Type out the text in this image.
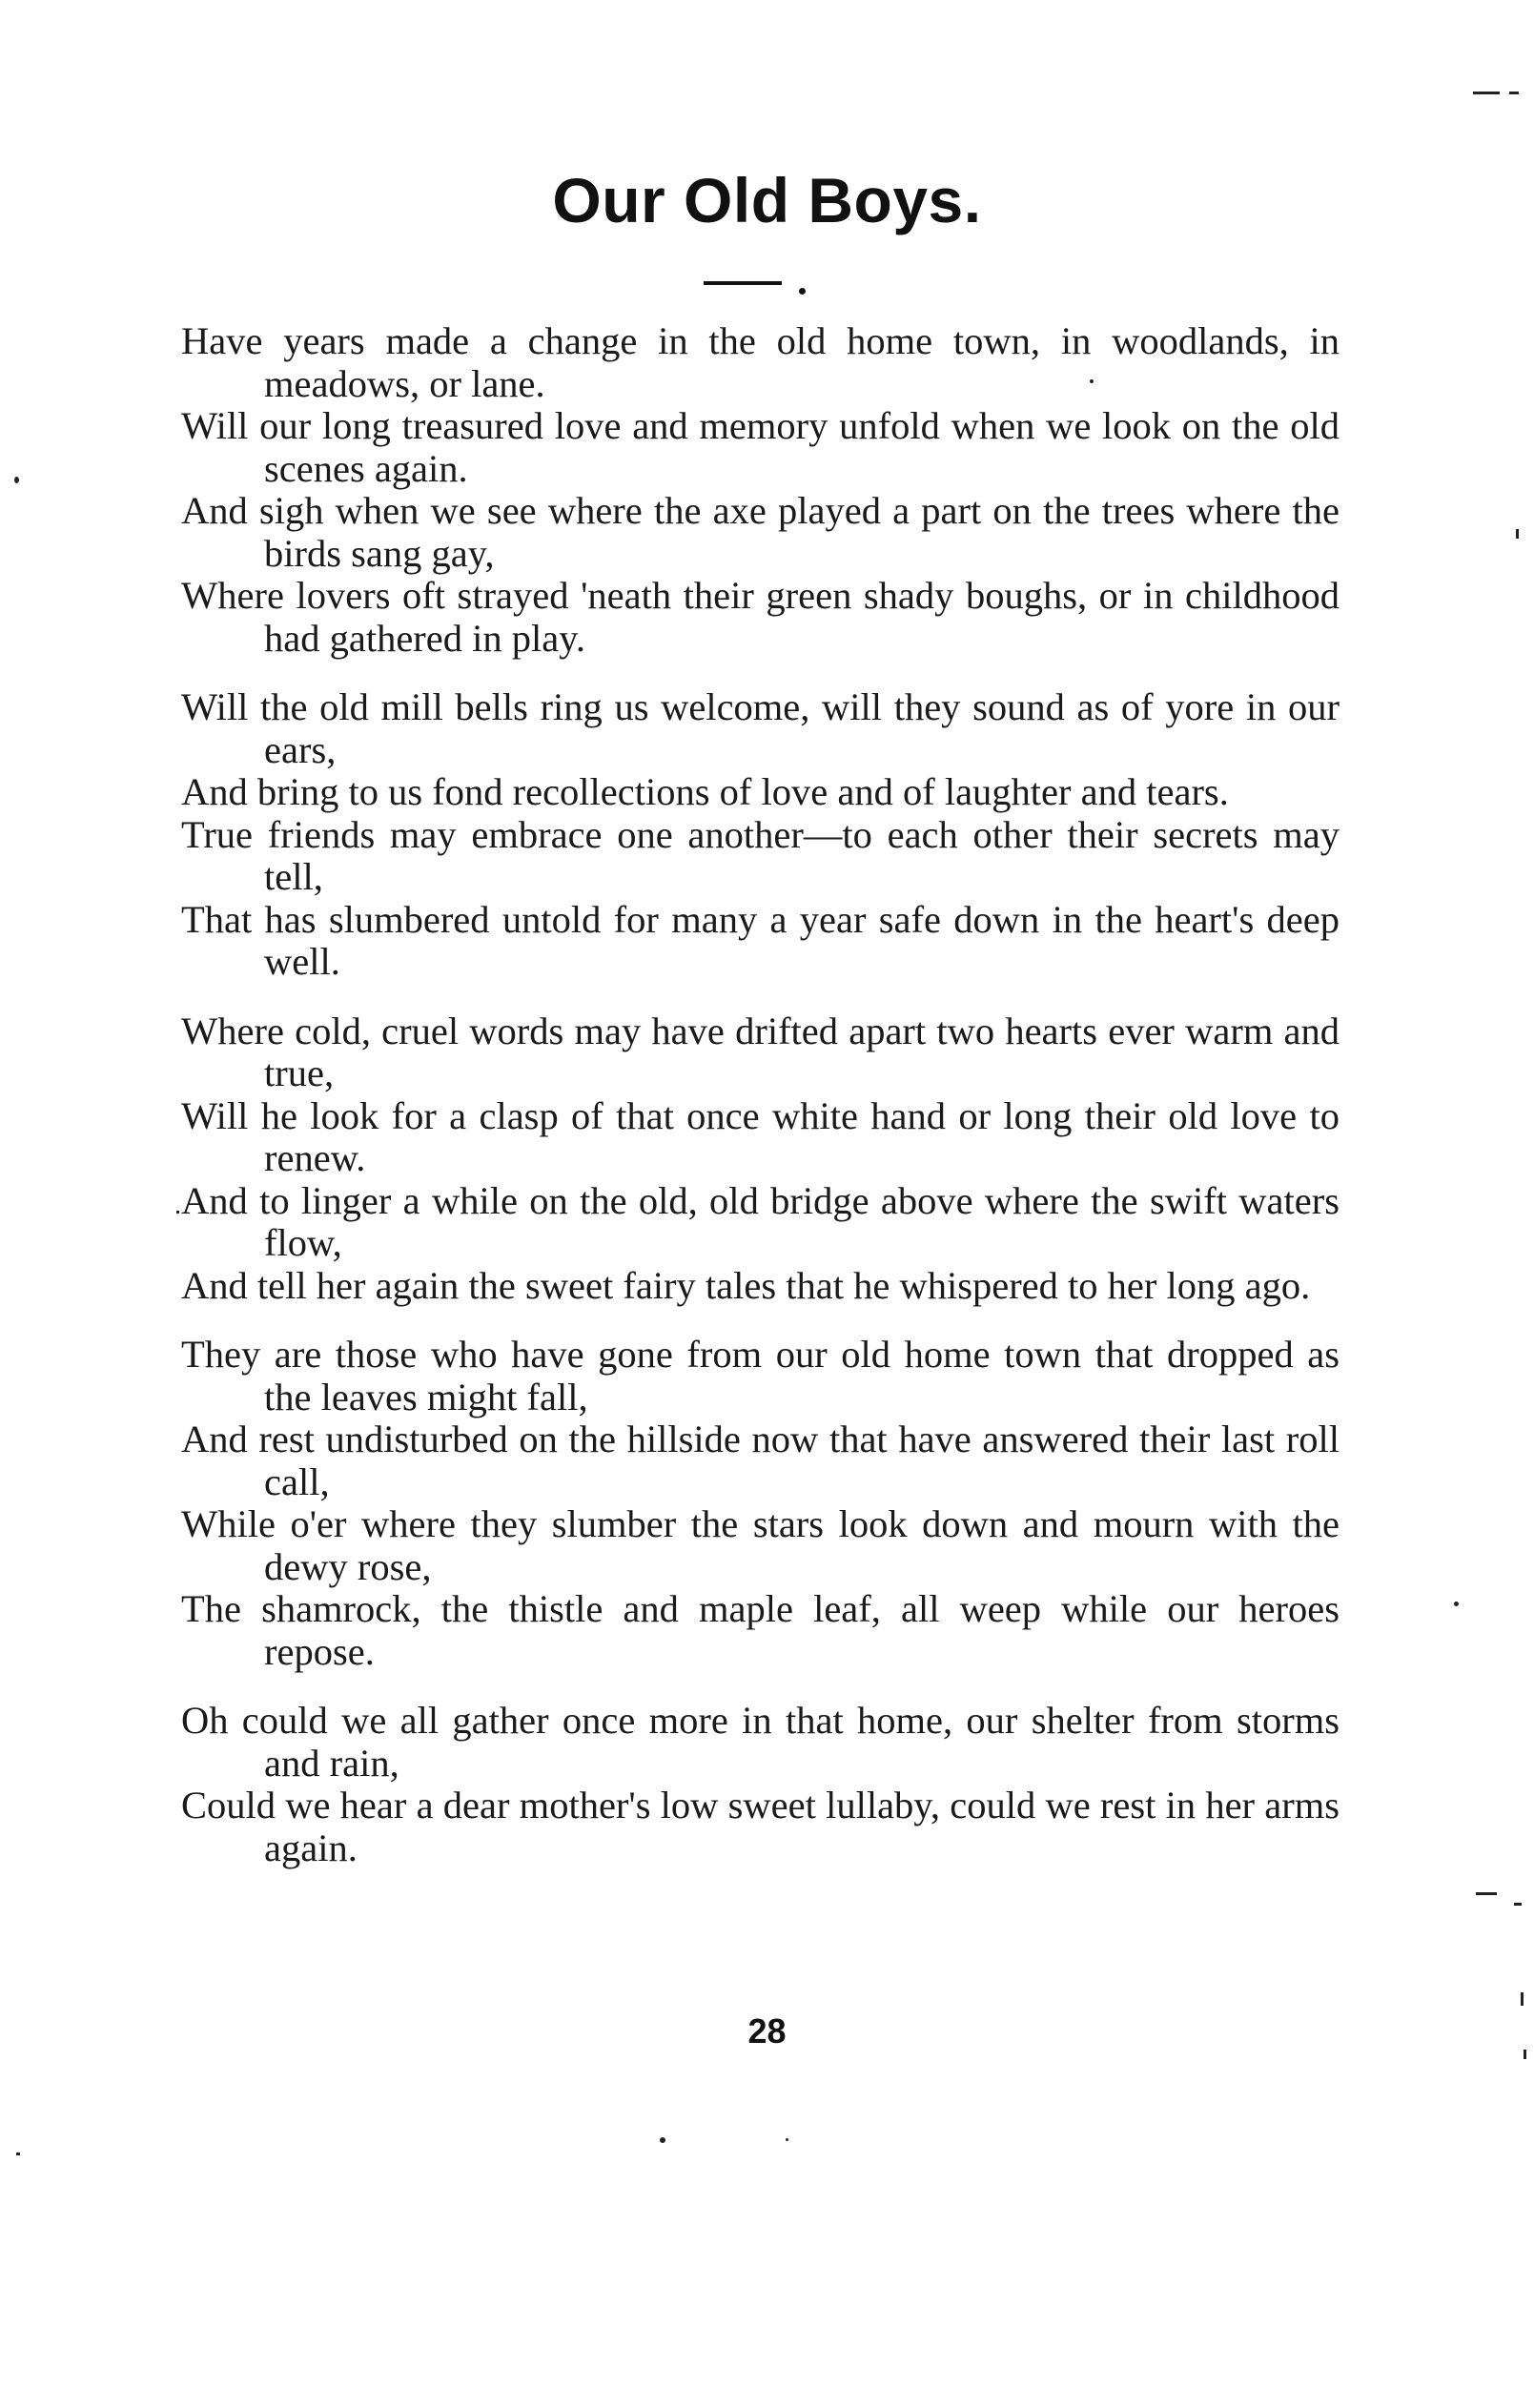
Our Old Boys.

Have years made a change in the old home town, in woodlands, in meadows, or lane.

Will our long treasured love and memory unfold when we look on the old scenes again.

And sigh when we see where the axe played a part on the trees where the birds sang gay,

Where lovers oft strayed 'neath their green shady boughs, or in childhood had gathered in play.

Will the old mill bells ring us welcome, will they sound as of yore in our ears,

And bring to us fond recollections of love and of laughter and tears.

True friends may embrace one another—to each other their secrets may tell,

That has slumbered untold for many a year safe down in the heart's deep well.

Where cold, cruel words may have drifted apart two hearts ever warm and true,

Will he look for a clasp of that once white hand or long their old love to renew.

And to linger a while on the old, old bridge above where the swift waters flow,

And tell her again the sweet fairy tales that he whispered to her long ago.

They are those who have gone from our old home town that dropped as the leaves might fall,

And rest undisturbed on the hillside now that have answered their last roll call,

While o'er where they slumber the stars look down and mourn with the dewy rose,

The shamrock, the thistle and maple leaf, all weep while our heroes repose.

Oh could we all gather once more in that home, our shelter from storms and rain,

Could we hear a dear mother's low sweet lullaby, could we rest in her arms again.

28
